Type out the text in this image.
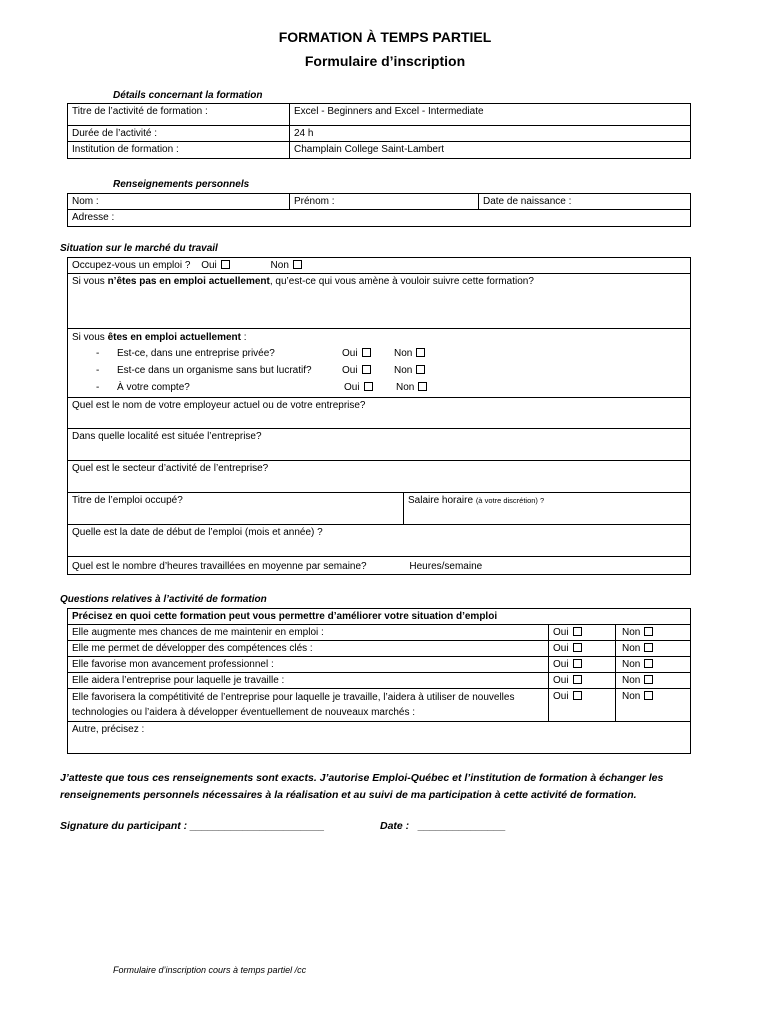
FORMATION À TEMPS PARTIEL
Formulaire d’inscription
Détails concernant la formation
Titre de l’activité de formation :	Excel - Beginners and Excel - Intermediate
Durée de l’activité :	24 h
Institution de formation :	Champlain College Saint-Lambert
Renseignements personnels
Nom :	Prénom :	Date de naissance :
Adresse :
Situation sur le marché du travail
Occupez-vous un emploi ? Oui	Non
Si vous n’êtes pas en emploi actuellement, qu’est-ce qui vous amène à vouloir suivre cette formation?

Si vous êtes en emploi actuellement :
-	Est-ce, dans une entreprise privée?	Oui	Non
-	Est-ce dans un organisme sans but lucratif?	Oui	Non
-	À votre compte?	Oui	Non

Quel est le nom de votre employeur actuel ou de votre entreprise?
Dans quelle localité est située l’entreprise?
Quel est le secteur d’activité de l’entreprise?
Titre de l’emploi occupé?	Salaire horaire (à votre discrétion) ?
Quelle est la date de début de l’emploi (mois et année) ?
Quel est le nombre d’heures travaillées en moyenne par semaine?	Heures/semaine
Questions relatives à l’activité de formation
Précisez en quoi cette formation peut vous permettre d’améliorer votre situation d’emploi		
Elle augmente mes chances de me maintenir en emploi :	Oui	Non
Elle me permet de développer des compétences clés :	Oui	Non
Elle favorise mon avancement professionnel :	Oui	Non
Elle aidera l’entreprise pour laquelle je travaille :	Oui	Non
Elle favorisera la compétitivité de l’entreprise pour laquelle je travaille, l’aidera à utiliser de nouvelles technologies ou l’aidera à développer éventuellement de nouveaux marchés :	Oui	Non
Autre, précisez :		
J’atteste que tous ces renseignements sont exacts. J’autorise Emploi-Québec et l’institution de formation à échanger les renseignements personnels nécessaires à la réalisation et au suivi de ma participation à cette activité de formation.
Signature du participant : _______________________	Date : _______________
Formulaire d’inscription cours à temps partiel /cc
